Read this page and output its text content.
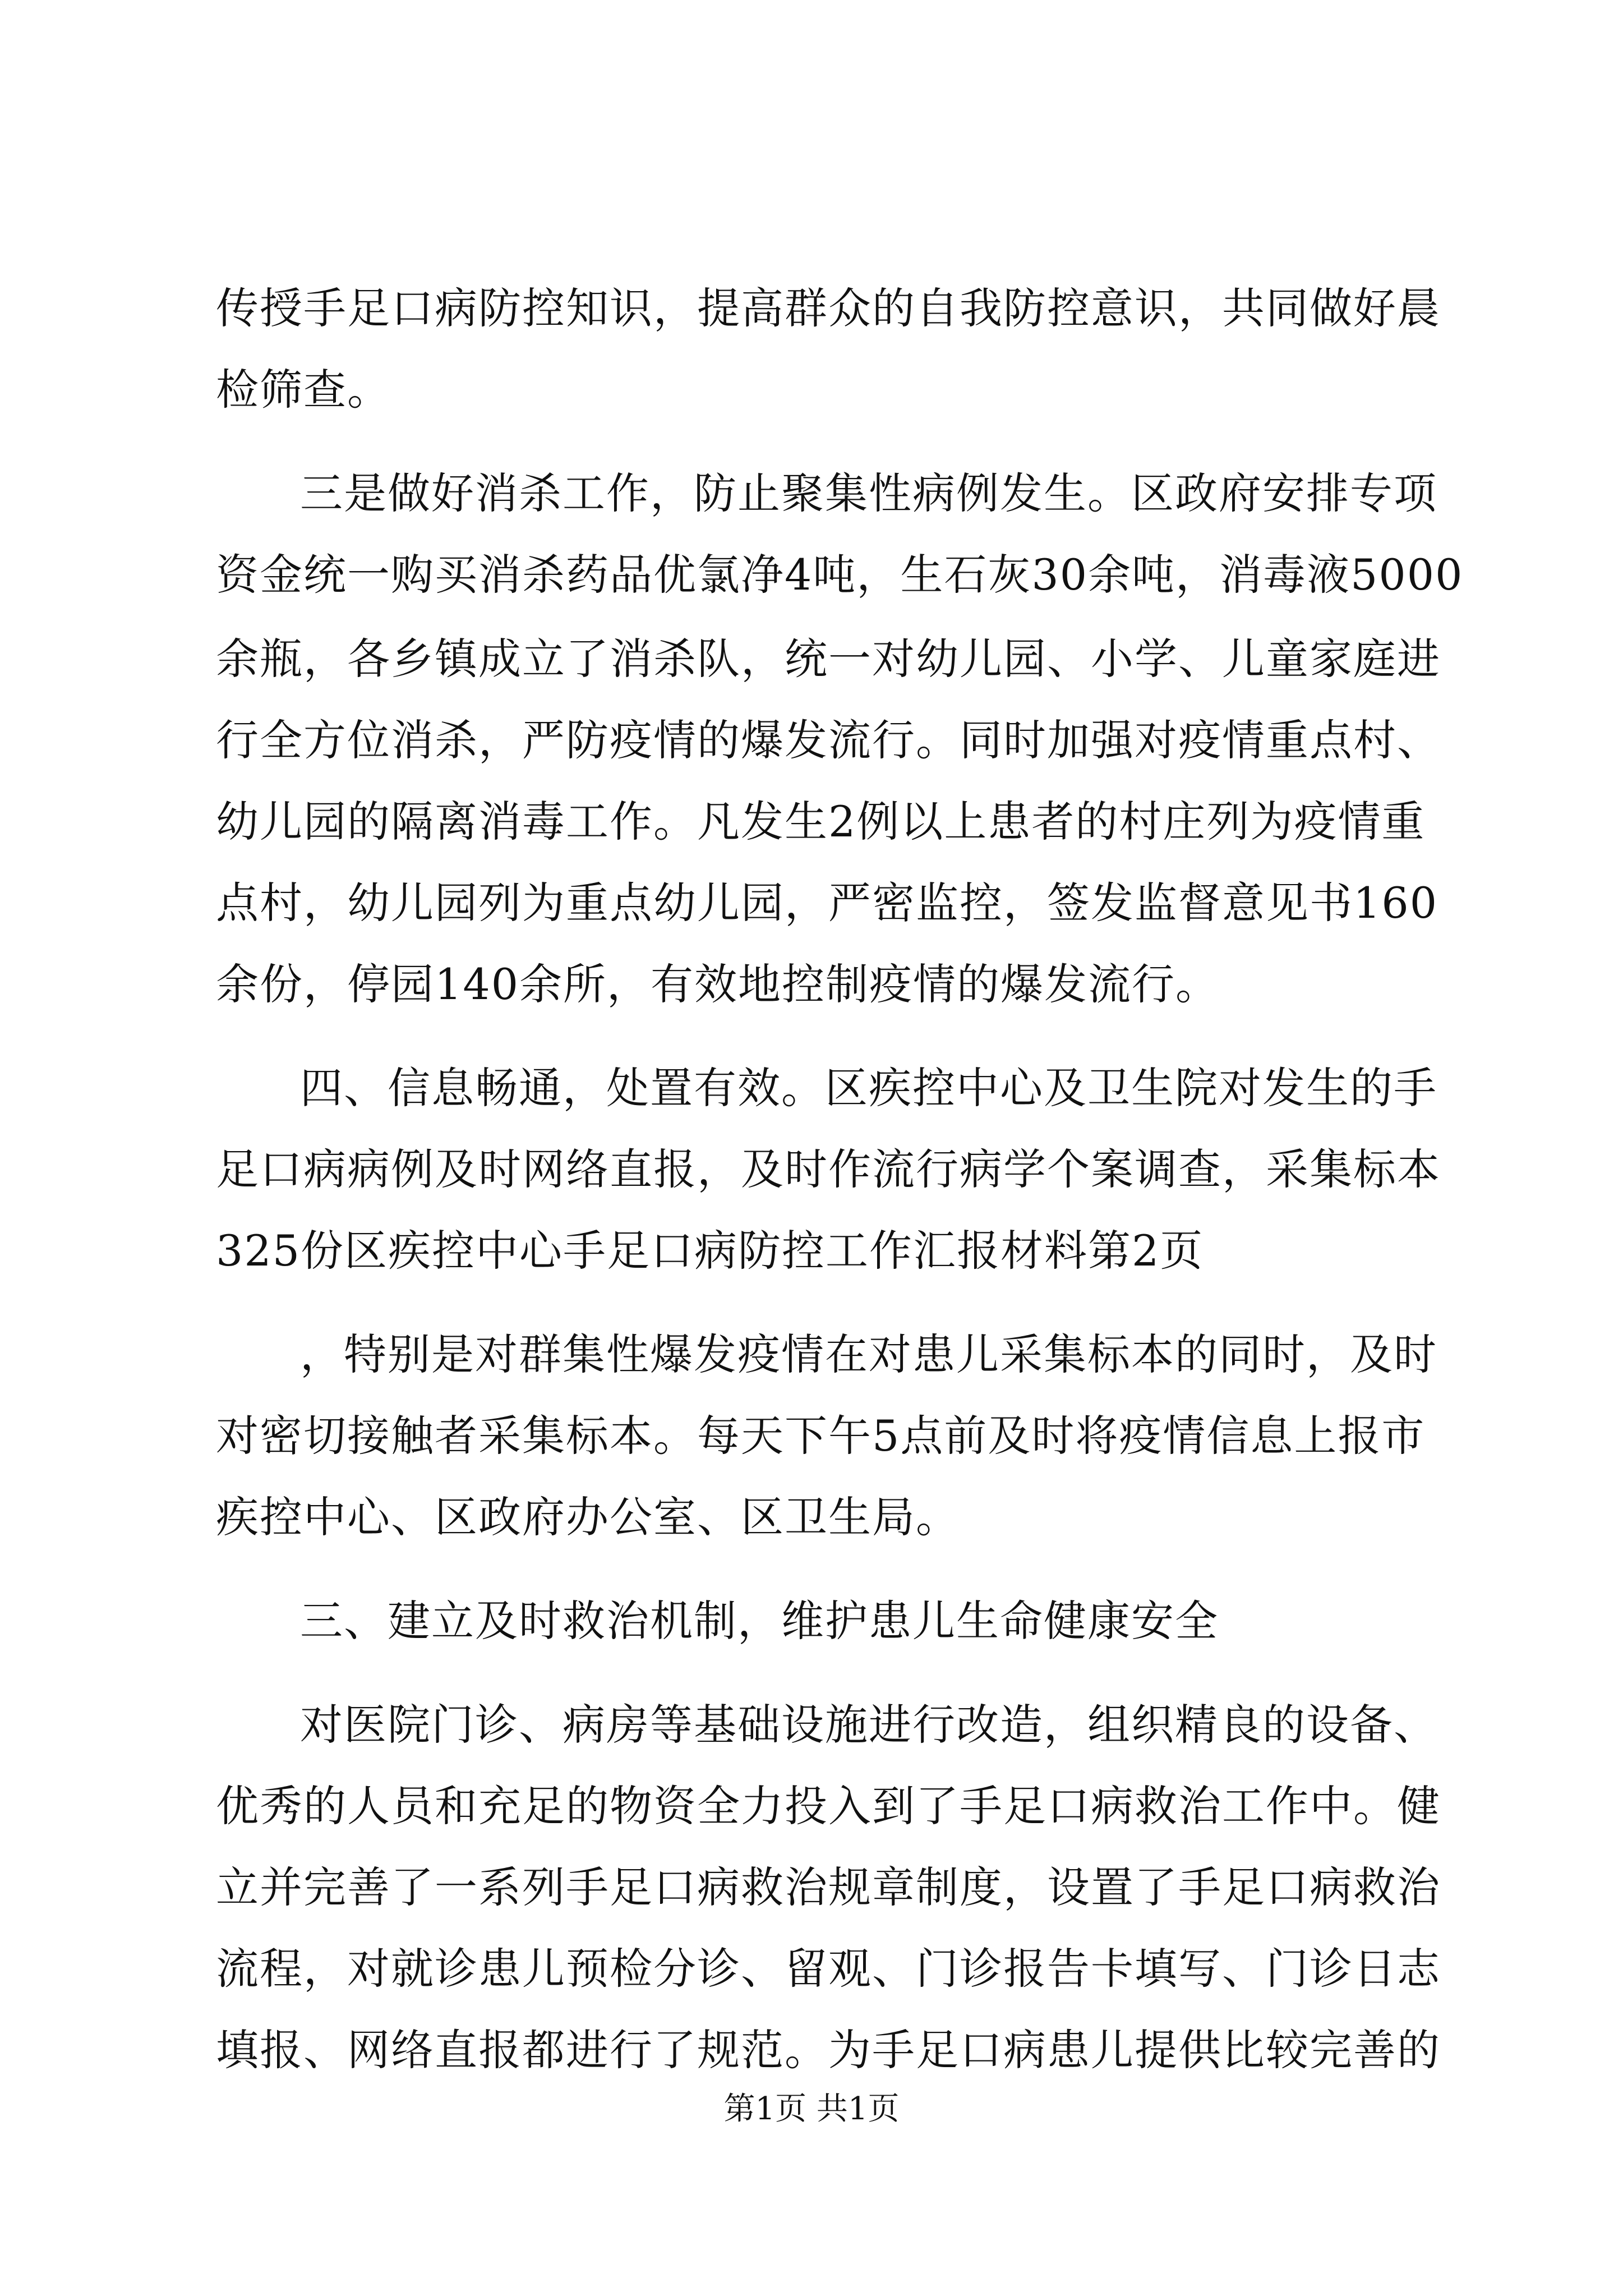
传授手足口病防控知识，提高群众的自我防控意识，共同做好晨
检筛查。
三是做好消杀工作，防止聚集性病例发生。区政府安排专项
资金统一购买消杀药品优氯净4吨，生石灰30余吨，消毒液5000
余瓶，各乡镇成立了消杀队，统一对幼儿园、小学、儿童家庭进
行全方位消杀，严防疫情的爆发流行。同时加强对疫情重点村、
幼儿园的隔离消毒工作。凡发生2例以上患者的村庄列为疫情重
点村，幼儿园列为重点幼儿园，严密监控，签发监督意见书160
余份，停园140余所，有效地控制疫情的爆发流行。
四、信息畅通，处置有效。区疾控中心及卫生院对发生的手
足口病病例及时网络直报，及时作流行病学个案调查，采集标本
325份区疾控中心手足口病防控工作汇报材料第2页
，特别是对群集性爆发疫情在对患儿采集标本的同时，及时
对密切接触者采集标本。每天下午5点前及时将疫情信息上报市
疾控中心、区政府办公室、区卫生局。
三、建立及时救治机制，维护患儿生命健康安全
对医院门诊、病房等基础设施进行改造，组织精良的设备、
优秀的人员和充足的物资全力投入到了手足口病救治工作中。健
立并完善了一系列手足口病救治规章制度，设置了手足口病救治
流程，对就诊患儿预检分诊、留观、门诊报告卡填写、门诊日志
填报、网络直报都进行了规范。为手足口病患儿提供比较完善的
第1页 共1页
